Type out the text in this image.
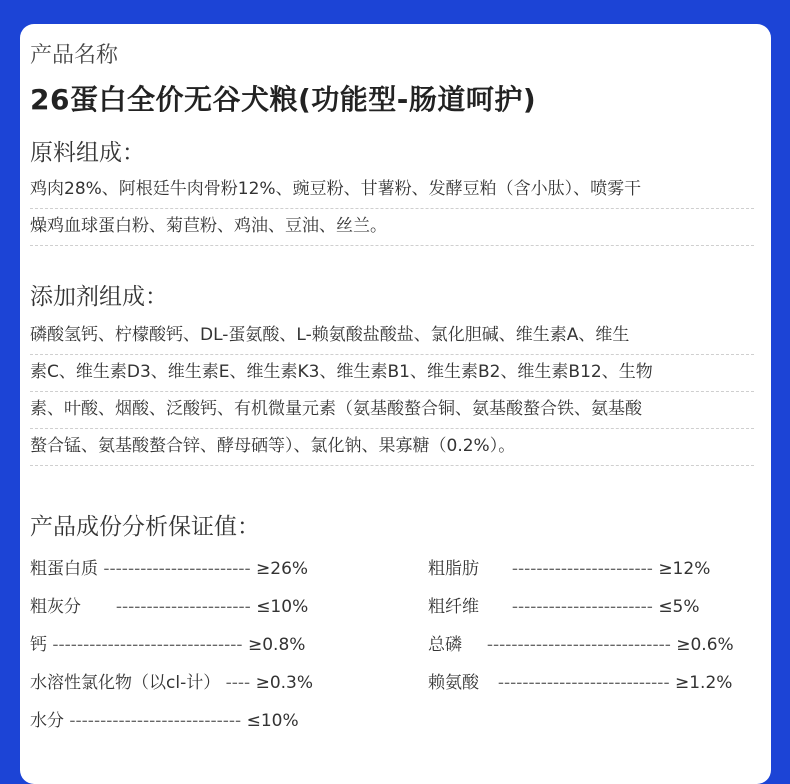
产品名称
26蛋白全价无谷犬粮(功能型-肠道呵护)
原料组成：
鸡肉28%、阿根廷牛肉骨粉12%、豌豆粉、甘薯粉、发酵豆粕（含小肽）、喷雾干
燥鸡血球蛋白粉、菊苣粉、鸡油、豆油、丝兰。
添加剂组成：
磷酸氢钙、柠檬酸钙、DL-蛋氨酸、L-赖氨酸盐酸盐、氯化胆碱、维生素A、维生
素C、维生素D3、维生素E、维生素K3、维生素B1、维生素B2、维生素B12、生物
素、叶酸、烟酸、泛酸钙、有机微量元素（氨基酸螯合铜、氨基酸螯合铁、氨基酸
螯合锰、氨基酸螯合锌、酵母硒等）、氯化钠、果寡糖（0.2%）。
产品成份分析保证值：
粗蛋白质 ------------------------ ≥26%
粗灰分 ---------------------- ≤10%
钙 ------------------------------- ≥0.8%
水溶性氯化物（以cl-计） ---- ≥0.3%
水分 ---------------------------- ≤10%
粗脂肪 ----------------------- ≥12%
粗纤维 ----------------------- ≤5%
总磷 ------------------------------ ≥0.6%
赖氨酸 ---------------------------- ≥1.2%
